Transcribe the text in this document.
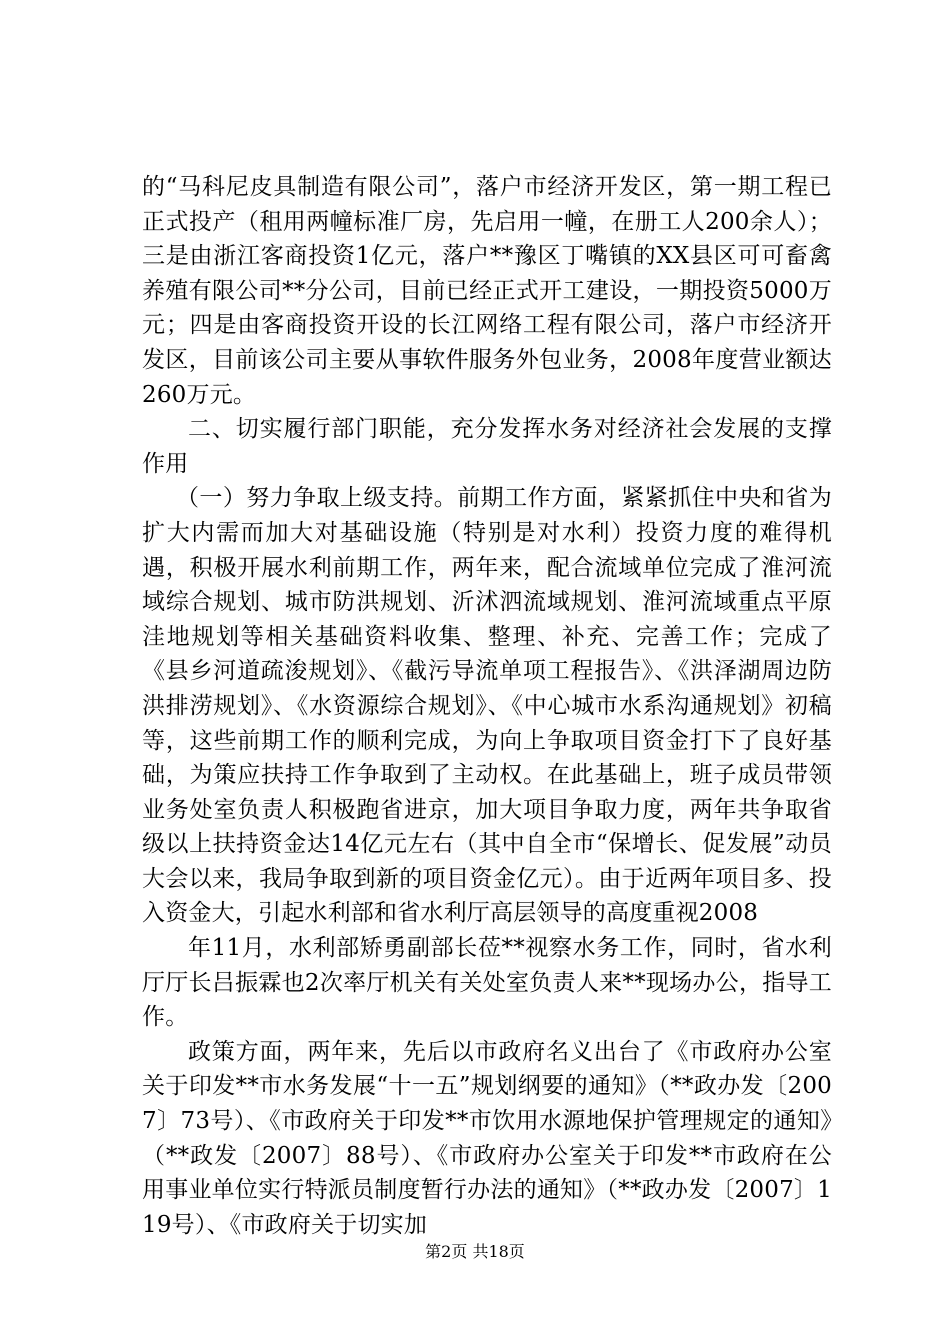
的“马科尼皮具制造有限公司”，落户市经济开发区，第一期工程已正式投产（租用两幢标准厂房，先启用一幢，在册工人200余人）；三是由浙江客商投资1亿元，落户**豫区丁嘴镇的XX县区可可畜禽养殖有限公司**分公司，目前已经正式开工建设，一期投资5000万元；四是由客商投资开设的长江网络工程有限公司，落户市经济开发区，目前该公司主要从事软件服务外包业务，2008年度营业额达260万元。

二、切实履行部门职能，充分发挥水务对经济社会发展的支撑作用

（一）努力争取上级支持。前期工作方面，紧紧抓住中央和省为扩大内需而加大对基础设施（特别是对水利）投资力度的难得机遇，积极开展水利前期工作，两年来，配合流域单位完成了淮河流域综合规划、城市防洪规划、沂沭泗流域规划、淮河流域重点平原洼地规划等相关基础资料收集、整理、补充、完善工作；完成了《县乡河道疏浚规划》、《截污导流单项工程报告》、《洪泽湖周边防洪排涝规划》、《水资源综合规划》、《中心城市水系沟通规划》初稿等，这些前期工作的顺利完成，为向上争取项目资金打下了良好基础，为策应扶持工作争取到了主动权。在此基础上，班子成员带领业务处室负责人积极跑省进京，加大项目争取力度，两年共争取省级以上扶持资金达14亿元左右（其中自全市“保增长、促发展”动员大会以来，我局争取到新的项目资金亿元）。由于近两年项目多、投入资金大，引起水利部和省水利厅高层领导的高度重视2008

年11月，水利部矫勇副部长莅**视察水务工作，同时，省水利厅厅长吕振霖也2次率厅机关有关处室负责人来**现场办公，指导工作。

政策方面，两年来，先后以市政府名义出台了《市政府办公室关于印发**市水务发展“十一五”规划纲要的通知》（**政办发〔2007〕73号）、《市政府关于印发**市饮用水源地保护管理规定的通知》（**政发〔2007〕88号）、《市政府办公室关于印发**市政府在公用事业单位实行特派员制度暂行办法的通知》（**政办发〔2007〕119号）、《市政府关于切实加

第2页 共18页
